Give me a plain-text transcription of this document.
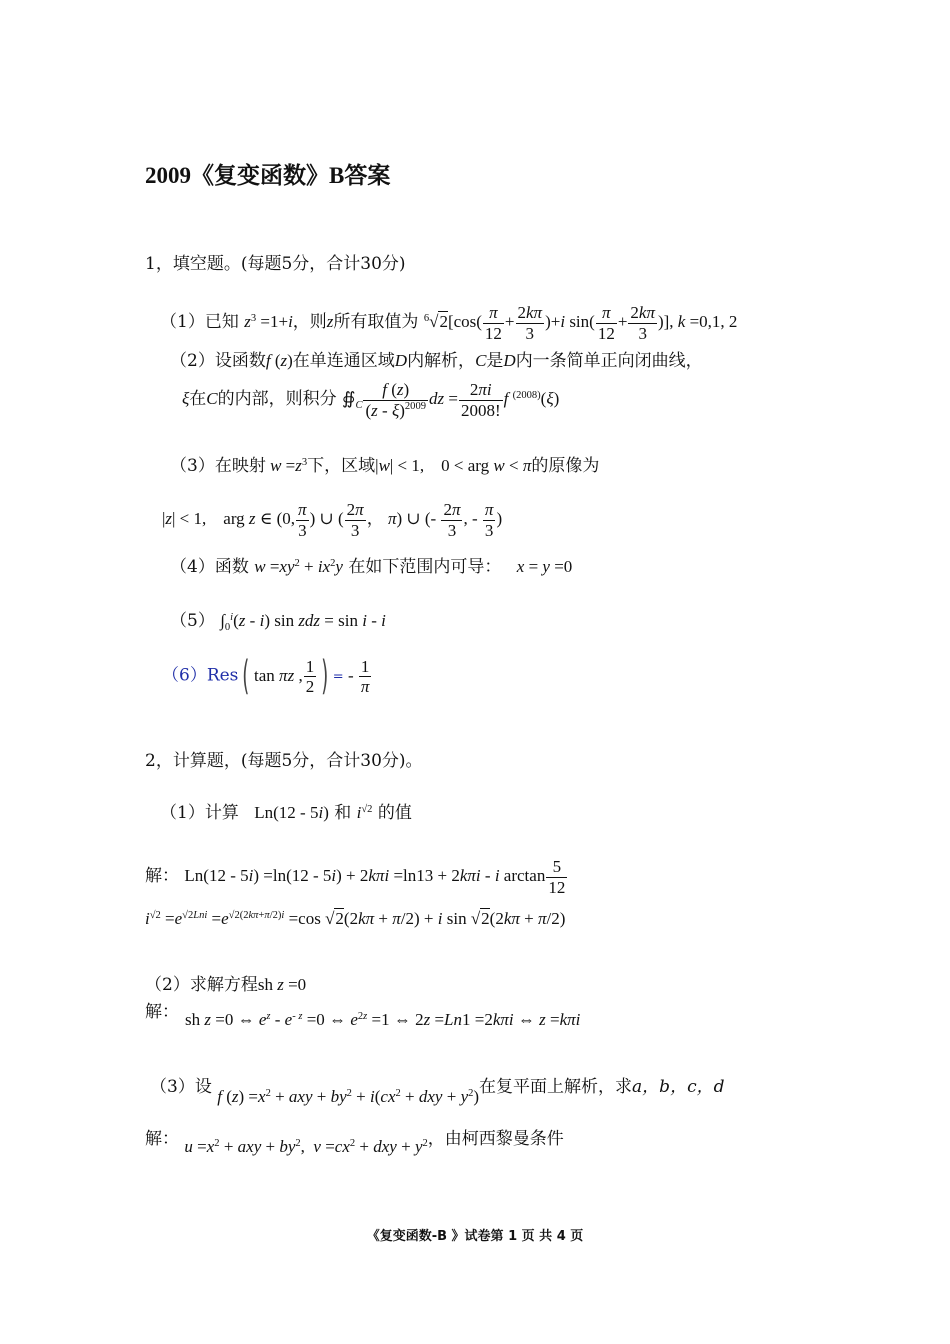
2009《复变函数》B答案
1，填空题。(每题5分，合计30分)
（1）已知 $z^3 =1+i$，则z所有取值为 $^6√2[\cos( \frac{\pi}{12} + \frac{2k\pi}{3} )+i$ $\sin( \frac{\pi}{12} + \frac{2k\pi}{3}$ )], k =0,1, 2
（2）设函数f (z)在单连通区域D内解析，C是D内一条简单正向闭曲线，
ξ在C的内部，则积分 $∯_C \frac{f (z)}{(z - \xi)^{2009}}$ dz = $\frac{2\pi i}{2008!}$ f $^{(2008)}$(ξ)
（3）在映射 $w =z^3$下，区域|w| < 1,    0 < arg w < π的原像为
|z| < 1,    arg z ∈ (0, $\frac{\pi}{3}$ ) ∪ ( $\frac{2\pi}{3}$ ， π) ∪ (- $\frac{2\pi}{3}$ , - $\frac{\pi}{3}$ )
（4）函数 $w =xy^2 + ix^2y$ 在如下范围内可导： x = y =0
（5） $\int_0^i(z - i)$ sin zdz = sin i - i
（6）Res ( tan πz , $\frac{1}{2}$ ) = - $\frac{1}{\pi}$
2，计算题，(每题5分，合计30分)。
（1）计算 Ln(12 - 5i) 和 $i^{√2}$ 的值
解： Ln(12 - 5i) =ln(12 - 5i) + 2kπi =ln13 + 2kπi - i $\arctan \frac{5}{12}$
$i^{√2} =e^{√2Lni} =e^{√2(2k\pi+\pi/2)i} =\cos$ √2(2kπ + π/2) + i sin √2(2kπ + π/2)
（2）求解方程sh z =0
解： sh z =0 ⇔ $e^z - e^{- z} =0$ ⇔ $e^{2z} =1$ ⇔ 2z =Ln1 =2kπi ⇔ z =kπi
（3）设 f $(z) =x^2$ + axy + $by^2 + i(cx^2$ + dxy + $y^2$)在复平面上解析，求a，b，c，d
解： $u =x^2$ + axy + $by^2$,  $v =cx^2$ + dxy + $y^2$，由柯西黎曼条件
《复变函数-B 》试卷第 1 页 共 4 页
